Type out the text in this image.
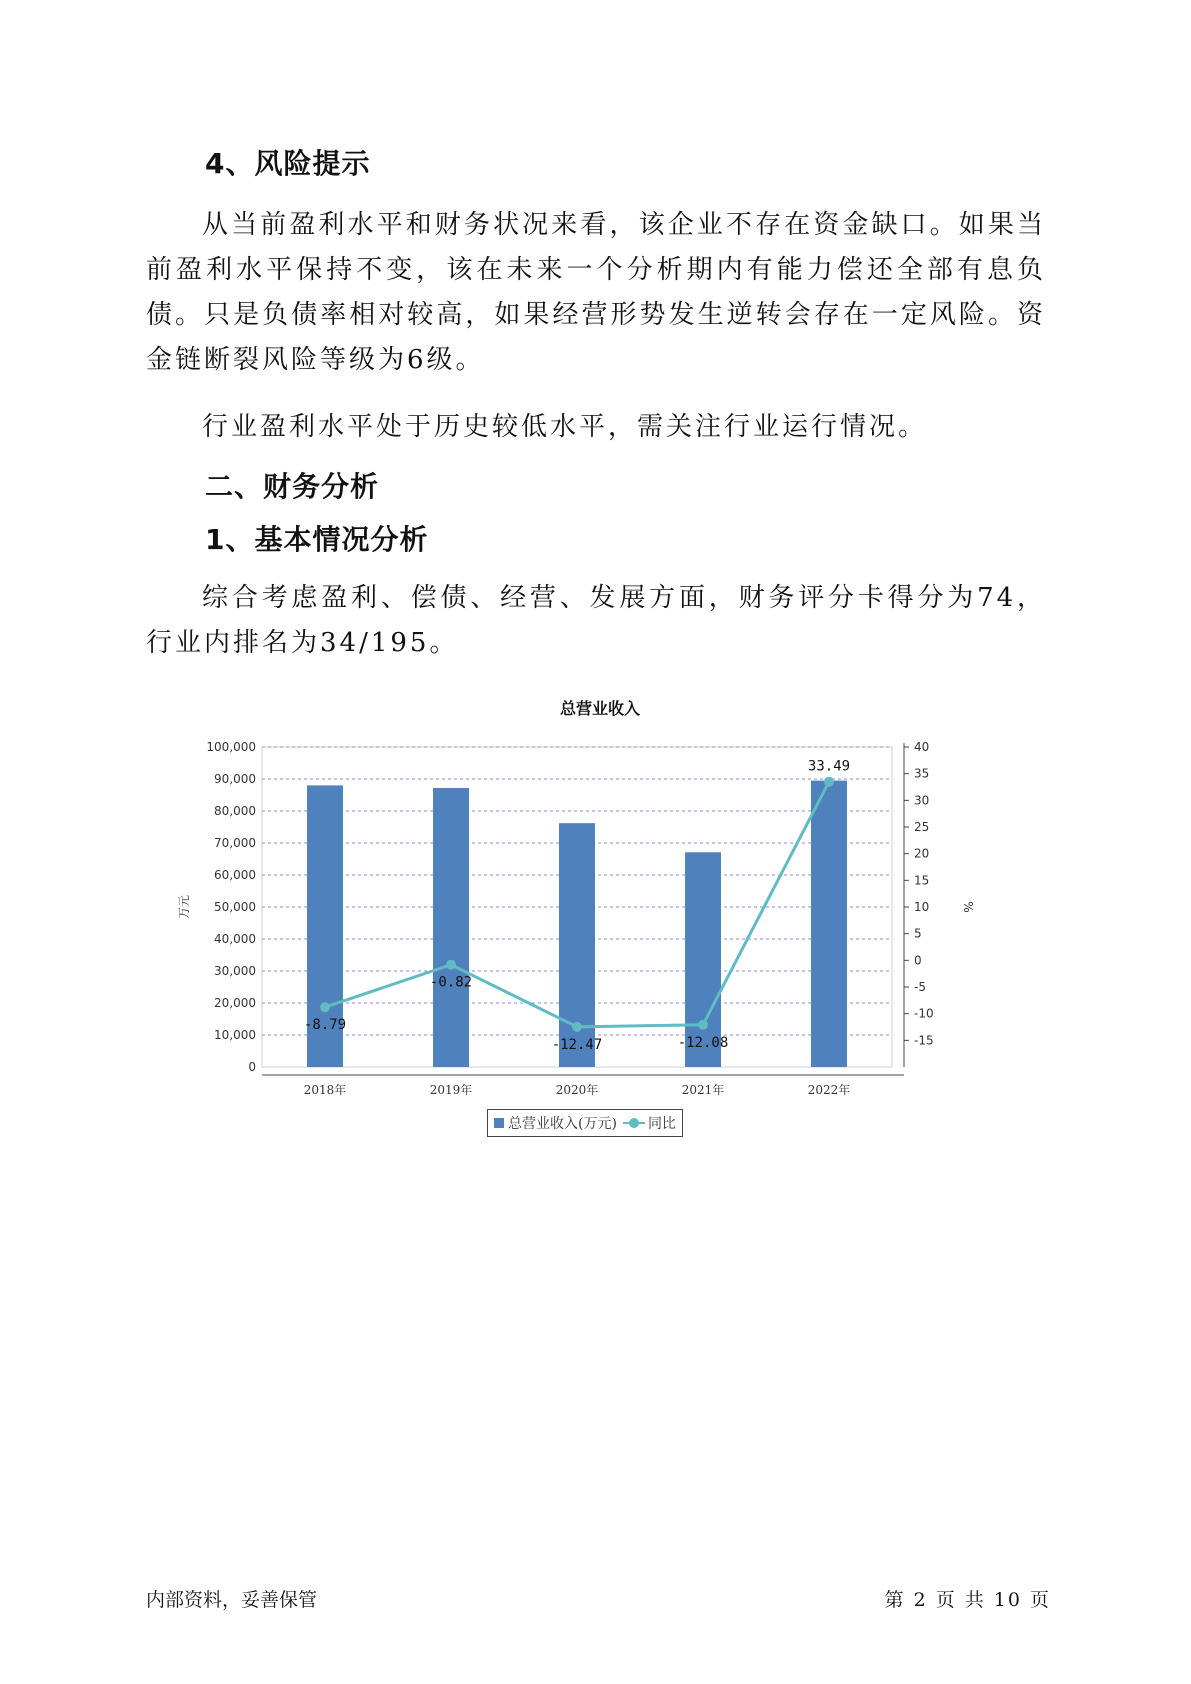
4、风险提示

从当前盈利水平和财务状况来看，该企业不存在资金缺口。如果当前盈利水平保持不变，该在未来一个分析期内有能力偿还全部有息负债。只是负债率相对较高，如果经营形势发生逆转会存在一定风险。资金链断裂风险等级为6级。

行业盈利水平处于历史较低水平，需关注行业运行情况。

二、财务分析
1、基本情况分析

综合考虑盈利、偿债、经营、发展方面，财务评分卡得分为74，行业内排名为34/195。

总营业收入
0
10,000
20,000
30,000
40,000
50,000
60,000
70,000
80,000
90,000
100,000
万元
-15
-10
-5
0
5
10
15
20
25
30
35
40
%
2018年	2019年	2020年	2021年	2022年
-8.79
-0.82
-12.47	-12.08
33.49
总营业收入(万元) 同比
内部资料，妥善保管	第 2 页 共 10 页
